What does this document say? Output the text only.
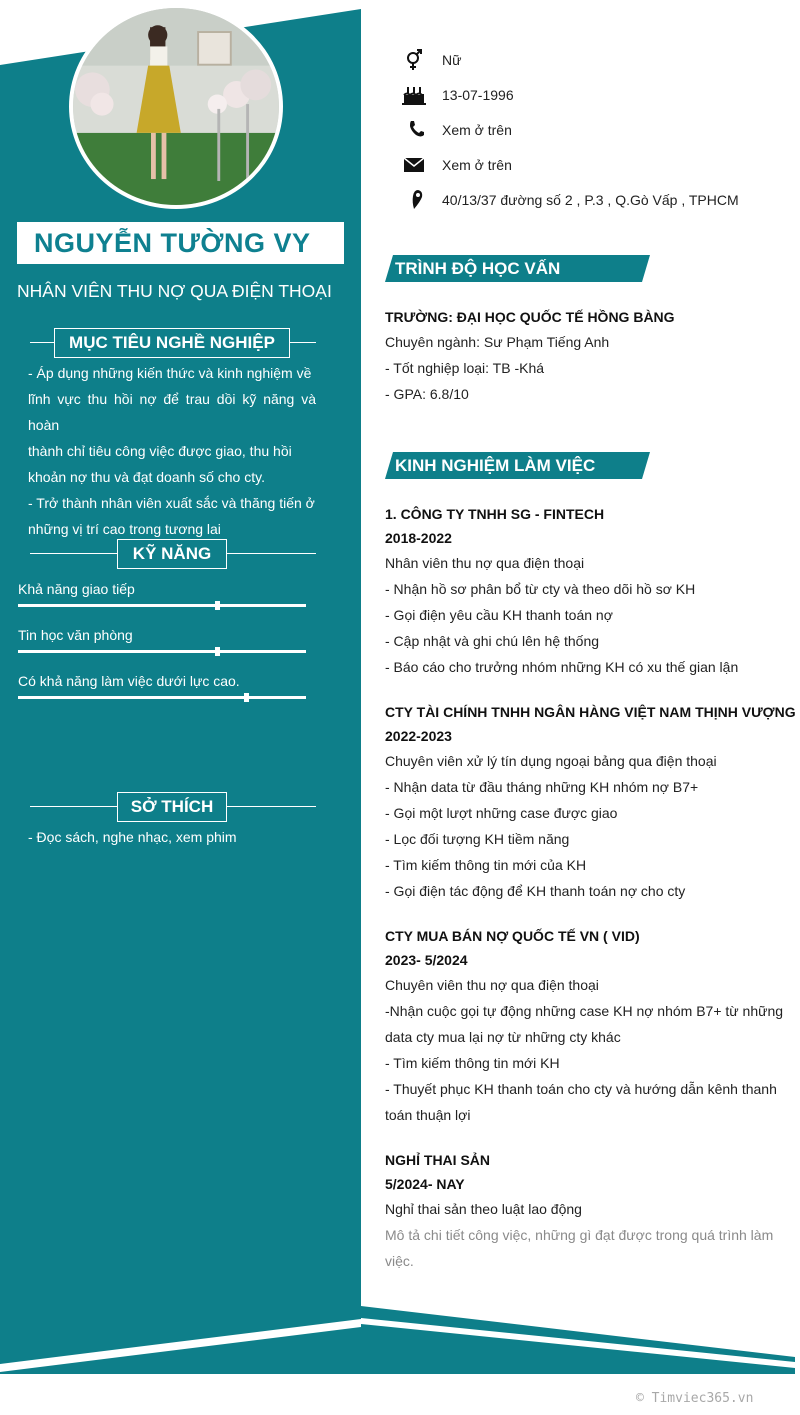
NGUYỄN TƯỜNG VY
NHÂN VIÊN THU NỢ QUA ĐIỆN THOẠI
MỤC TIÊU NGHỀ NGHIỆP
- Áp dụng những kiến thức và kinh nghiệm về
lĩnh vực thu hồi nợ để trau dồi kỹ năng và hoàn
thành chỉ tiêu công việc được giao, thu hồi
khoản nợ thu và đạt doanh số cho cty.
- Trở thành nhân viên xuất sắc và thăng tiến ở
những vị trí cao trong tương lai
KỸ NĂNG
Khả năng giao tiếp
Tin học văn phòng
Có khả năng làm việc dưới lực cao.
SỞ THÍCH
- Đọc sách, nghe nhạc, xem phim
Nữ
13-07-1996
Xem ở trên
Xem ở trên
40/13/37 đường số 2 , P.3 , Q.Gò Vấp , TPHCM
TRÌNH ĐỘ HỌC VẤN
TRƯỜNG: ĐẠI HỌC QUỐC TẾ HỒNG BÀNG
Chuyên ngành: Sư Phạm Tiếng Anh
- Tốt nghiệp loại: TB -Khá
- GPA: 6.8/10
KINH NGHIỆM LÀM VIỆC
1. CÔNG TY TNHH SG - FINTECH
2018-2022
Nhân viên thu nợ qua điện thoại
- Nhận hồ sơ phân bổ từ cty và theo dõi hồ sơ KH
- Gọi điện yêu cầu KH thanh toán nợ
- Cập nhật và ghi chú lên hệ thống
- Báo cáo cho trưởng nhóm những KH có xu thế gian lận
CTY TÀI CHÍNH TNHH NGÂN HÀNG VIỆT NAM THỊNH VƯỢNG
2022-2023
Chuyên viên xử lý tín dụng ngoại bảng qua điện thoại
- Nhận data từ đầu tháng những KH nhóm nợ B7+
- Gọi một lượt những case được giao
- Lọc đối tượng KH tiềm năng
- Tìm kiếm thông tin mới của KH
- Gọi điện tác động để KH thanh toán nợ cho cty
CTY MUA BÁN NỢ QUỐC TẾ VN ( VID)
2023- 5/2024
Chuyên viên thu nợ qua điện thoại
-Nhận cuộc gọi tự động những case KH nợ nhóm B7+ từ những
data cty mua lại nợ từ những cty khác
- Tìm kiếm thông tin mới KH
- Thuyết phục KH thanh toán cho cty và hướng dẫn kênh thanh
toán thuận lợi
NGHỈ THAI SẢN
5/2024- NAY
Nghỉ thai sản theo luật lao động
Mô tả chi tiết công việc, những gì đạt được trong quá trình làm
việc.
© Timviec365.vn
